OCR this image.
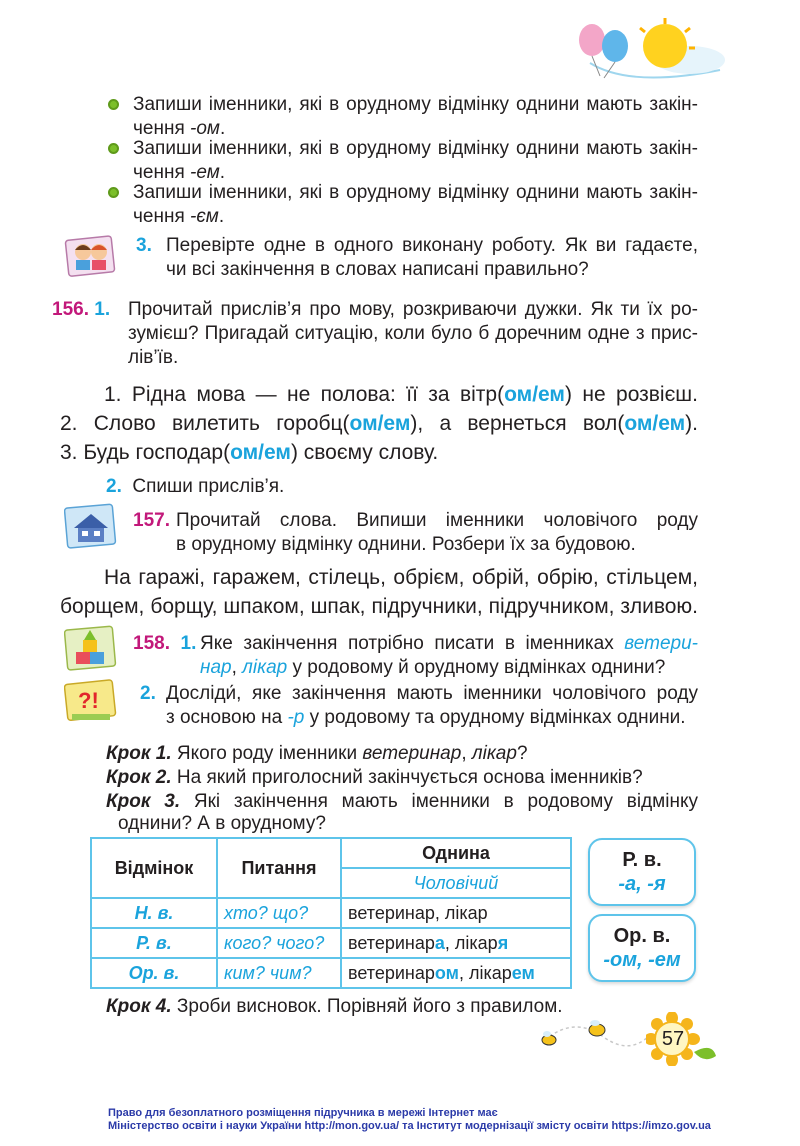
Запиши іменники, які в орудному відмінку однини мають закін-
чення -ом.
Запиши іменники, які в орудному відмінку однини мають закін-
чення -ем.
Запиши іменники, які в орудному відмінку однини мають закін-
чення -єм.
3. Перевірте одне в одного виконану роботу. Як ви гадаєте,
чи всі закінчення в словах написані правильно?
156. 1. Прочитай прислів’я про мову, розкриваючи дужки. Як ти їх ро-
зумієш? Пригадай ситуацію, коли було б доречним одне з прис-
лів’їв.
1. Рідна мова — не полова: її за вітр(ом/ем) не розвієш.
2. Слово вилетить горобц(ом/ем), а вернеться вол(ом/ем).
3. Будь господар(ом/ем) своєму слову.
2. Спиши прислів’я.
157. Прочитай слова. Випиши іменники чоловічого роду
в орудному відмінку однини. Розбери їх за будовою.
На гаражі, гаражем, стілець, обрієм, обрій, обрію, стільцем,
борщем, борщу, шпаком, шпак, підручники, підручником, зливою.
?!
158. 1. Яке закінчення потрібно писати в іменниках ветери-
нар, лікар у родовому й орудному відмінках однини?
2. Досліди́, яке закінчення мають іменники чоловічого роду
з основою на -р у родовому та орудному відмінках однини.
Крок 1. Якого роду іменники ветеринар, лікар?
Крок 2. На який приголосний закінчується основа іменників?
Крок 3. Які закінчення мають іменники в родовому відмінку
однини? А в орудному?
Відмінок	Питання	Однина
		Чоловічий
Н. в.	хто? що?	ветеринар, лікар
Р. в.	кого? чого?	ветеринара, лікаря
Ор. в.	ким? чим?	ветеринаром, лікарем
Р. в.
-а, -я
Ор. в.
-ом, -ем
Крок 4. Зроби висновок. Порівняй його з правилом.
57
Право для безоплатного розміщення підручника в мережі Інтернет має
Міністерство освіти і науки України http://mon.gov.ua/ та Інститут модернізації змісту освіти https://imzo.gov.ua
